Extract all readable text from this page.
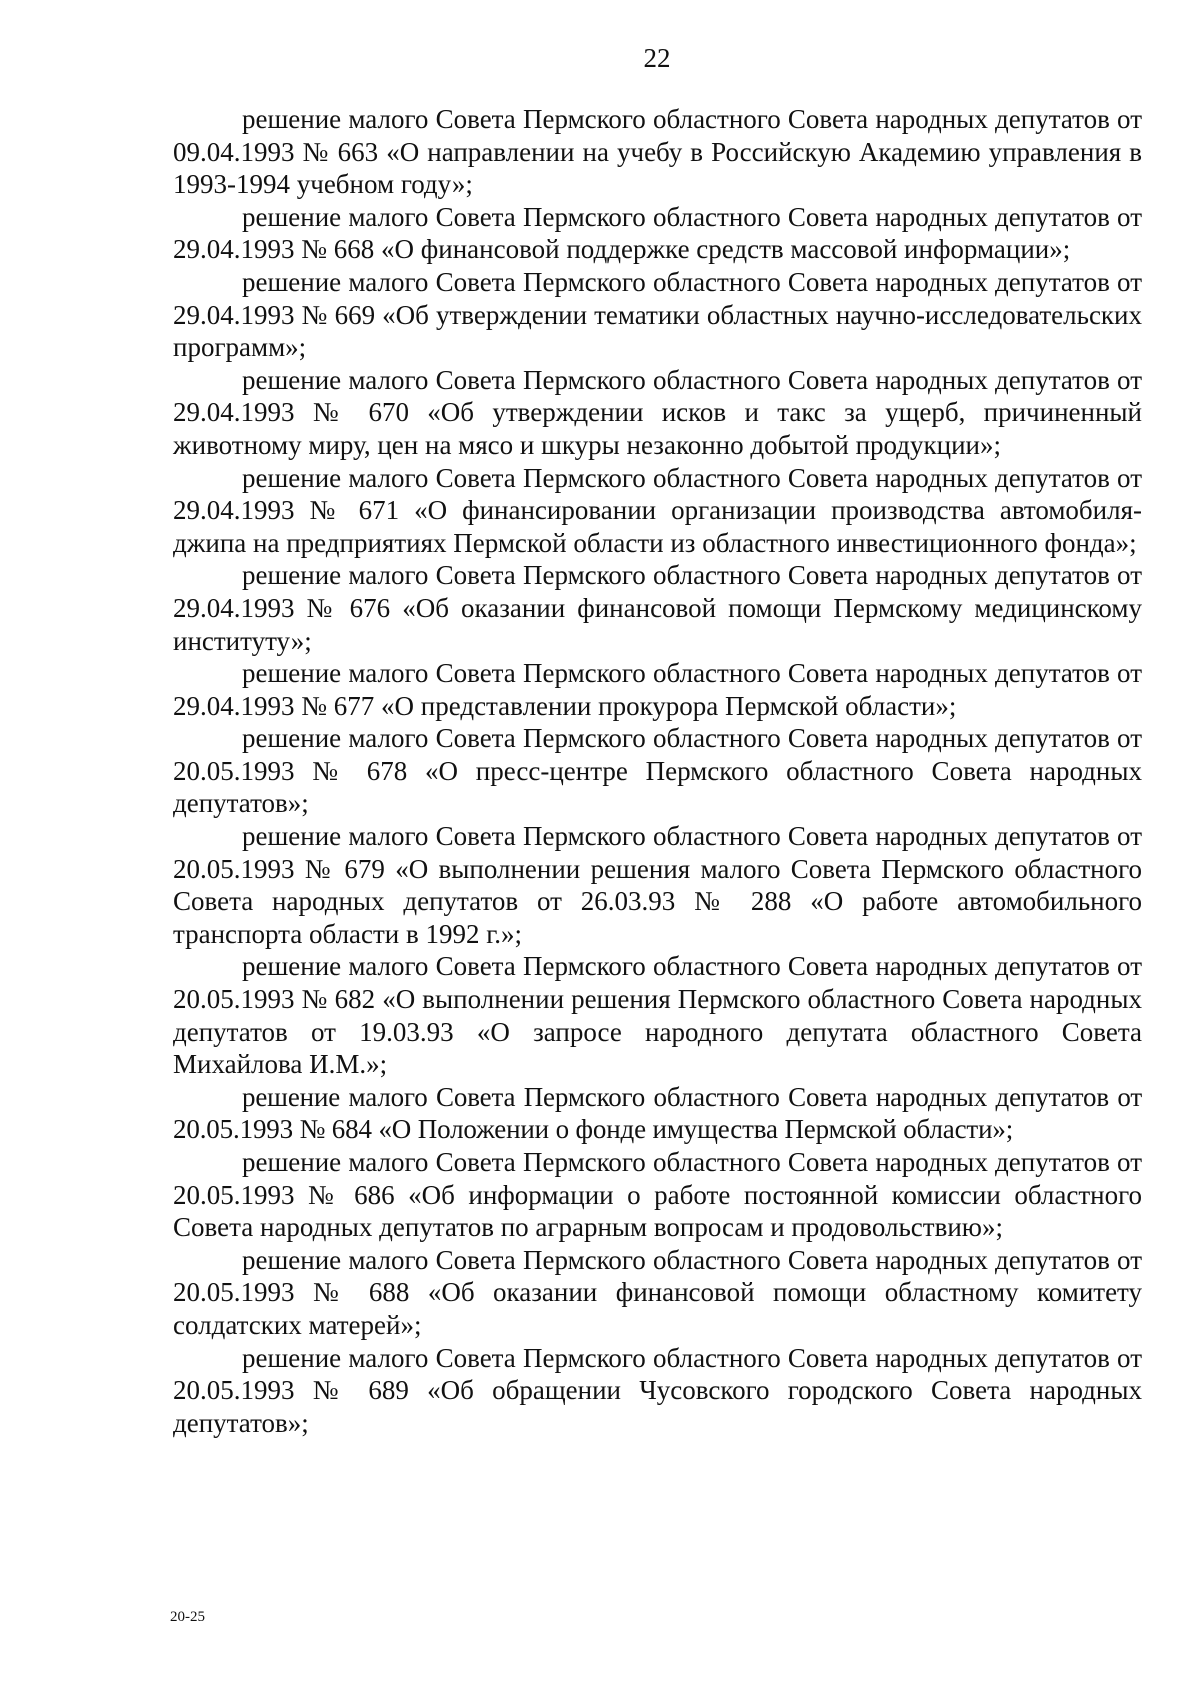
22

решение малого Совета Пермского областного Совета народных депутатов от 09.04.1993 № 663 «О направлении на учебу в Российскую Академию управления в 1993-1994 учебном году»;

решение малого Совета Пермского областного Совета народных депутатов от 29.04.1993 № 668 «О финансовой поддержке средств массовой информации»;

решение малого Совета Пермского областного Совета народных депутатов от 29.04.1993 № 669 «Об утверждении тематики областных научно-исследовательских программ»;

решение малого Совета Пермского областного Совета народных депутатов от 29.04.1993 № 670 «Об утверждении исков и такс за ущерб, причиненный животному миру, цен на мясо и шкуры незаконно добытой продукции»;

решение малого Совета Пермского областного Совета народных депутатов от 29.04.1993 № 671 «О финансировании организации производства автомобиля-джипа на предприятиях Пермской области из областного инвестиционного фонда»;

решение малого Совета Пермского областного Совета народных депутатов от 29.04.1993 № 676 «Об оказании финансовой помощи Пермскому медицинскому институту»;

решение малого Совета Пермского областного Совета народных депутатов от 29.04.1993 № 677 «О представлении прокурора Пермской области»;

решение малого Совета Пермского областного Совета народных депутатов от 20.05.1993 № 678 «О пресс-центре Пермского областного Совета народных депутатов»;

решение малого Совета Пермского областного Совета народных депутатов от 20.05.1993 № 679 «О выполнении решения малого Совета Пермского областного Совета народных депутатов от 26.03.93 № 288 «О работе автомобильного транспорта области в 1992 г.»;

решение малого Совета Пермского областного Совета народных депутатов от 20.05.1993 № 682 «О выполнении решения Пермского областного Совета народных депутатов от 19.03.93 «О запросе народного депутата областного Совета Михайлова И.М.»;

решение малого Совета Пермского областного Совета народных депутатов от 20.05.1993 № 684 «О Положении о фонде имущества Пермской области»;

решение малого Совета Пермского областного Совета народных депутатов от 20.05.1993 № 686 «Об информации о работе постоянной комиссии областного Совета народных депутатов по аграрным вопросам и продовольствию»;

решение малого Совета Пермского областного Совета народных депутатов от 20.05.1993 № 688 «Об оказании финансовой помощи областному комитету солдатских матерей»;

решение малого Совета Пермского областного Совета народных депутатов от 20.05.1993 № 689 «Об обращении Чусовского городского Совета народных депутатов»;

20-25
